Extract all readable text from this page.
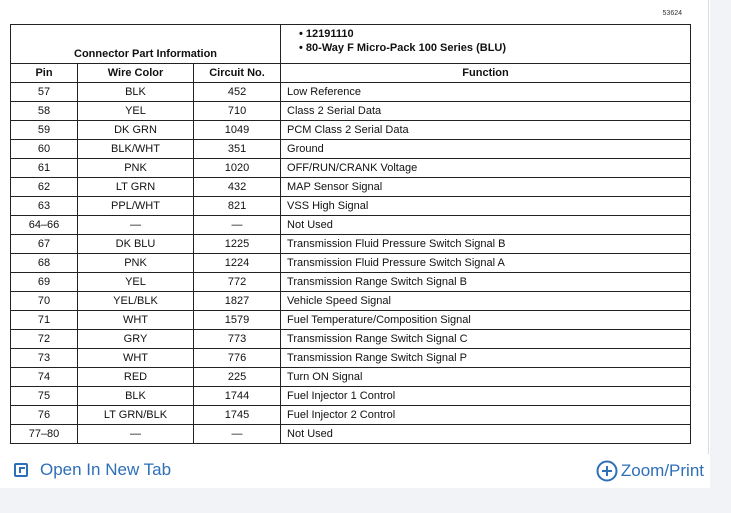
53624
Connector Part Information			• 12191110
• 80-Way F Micro-Pack 100 Series (BLU)

Pin	Wire Color	Circuit No.	Function
57	BLK	452	Low Reference
58	YEL	710	Class 2 Serial Data
59	DK GRN	1049	PCM Class 2 Serial Data
60	BLK/WHT	351	Ground
61	PNK	1020	OFF/RUN/CRANK Voltage
62	LT GRN	432	MAP Sensor Signal
63	PPL/WHT	821	VSS High Signal
64–66	—	—	Not Used
67	DK BLU	1225	Transmission Fluid Pressure Switch Signal B
68	PNK	1224	Transmission Fluid Pressure Switch Signal A
69	YEL	772	Transmission Range Switch Signal B
70	YEL/BLK	1827	Vehicle Speed Signal
71	WHT	1579	Fuel Temperature/Composition Signal
72	GRY	773	Transmission Range Switch Signal C
73	WHT	776	Transmission Range Switch Signal P
74	RED	225	Turn ON Signal
75	BLK	1744	Fuel Injector 1 Control
76	LT GRN/BLK	1745	Fuel Injector 2 Control
77–80	—	—	Not Used
Open In New Tab	Zoom/Print
